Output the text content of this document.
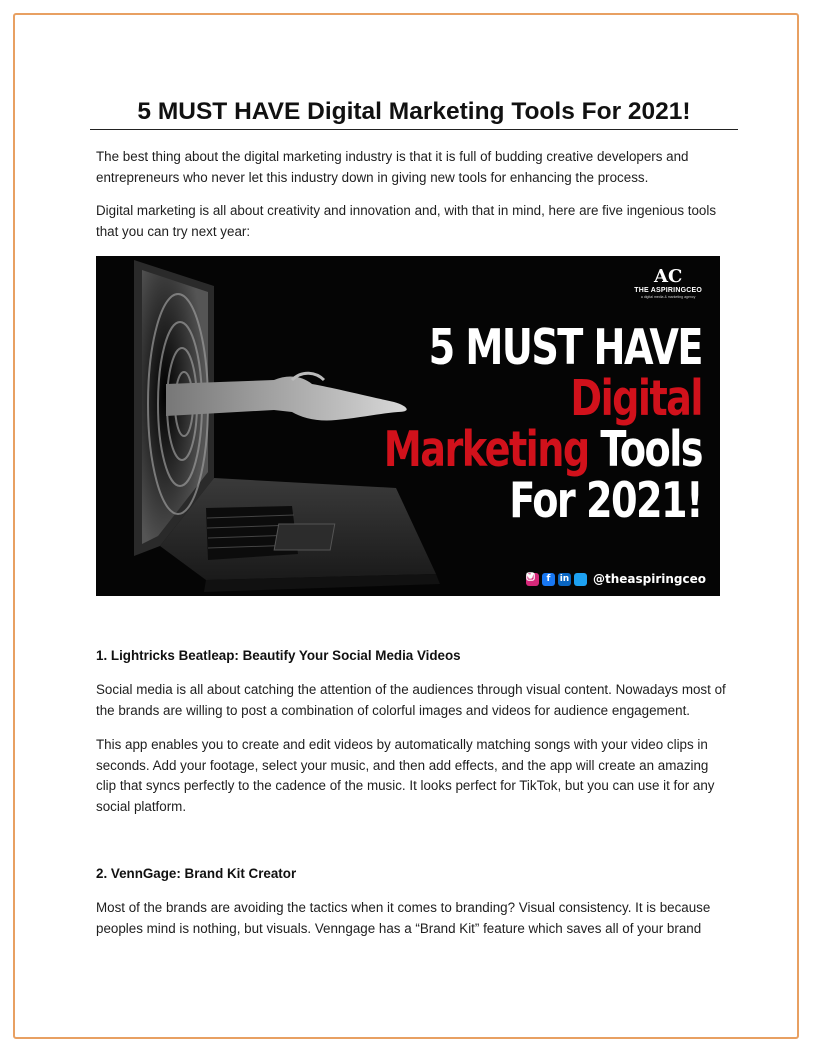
5 MUST HAVE Digital Marketing Tools For 2021!

The best thing about the digital marketing industry is that it is full of budding creative developers and entrepreneurs who never let this industry down in giving new tools for enhancing the process.

Digital marketing is all about creativity and innovation and, with that in mind, here are five ingenious tools that you can try next year:

AC
THE ASPIRINGCEO
a digital media & marketing agency
5 MUST HAVE
Digital
Marketing Tools
For 2021!
f	in @theaspiringceo

1. Lightricks Beatleap: Beautify Your Social Media Videos

Social media is all about catching the attention of the audiences through visual content. Nowadays most of the brands are willing to post a combination of colorful images and videos for audience engagement.

This app enables you to create and edit videos by automatically matching songs with your video clips in seconds. Add your footage, select your music, and then add effects, and the app will create an amazing clip that syncs perfectly to the cadence of the music. It looks perfect for TikTok, but you can use it for any social platform.

2. VennGage: Brand Kit Creator

Most of the brands are avoiding the tactics when it comes to branding? Visual consistency. It is because peoples mind is nothing, but visuals. Venngage has a “Brand Kit” feature which saves all of your brand
